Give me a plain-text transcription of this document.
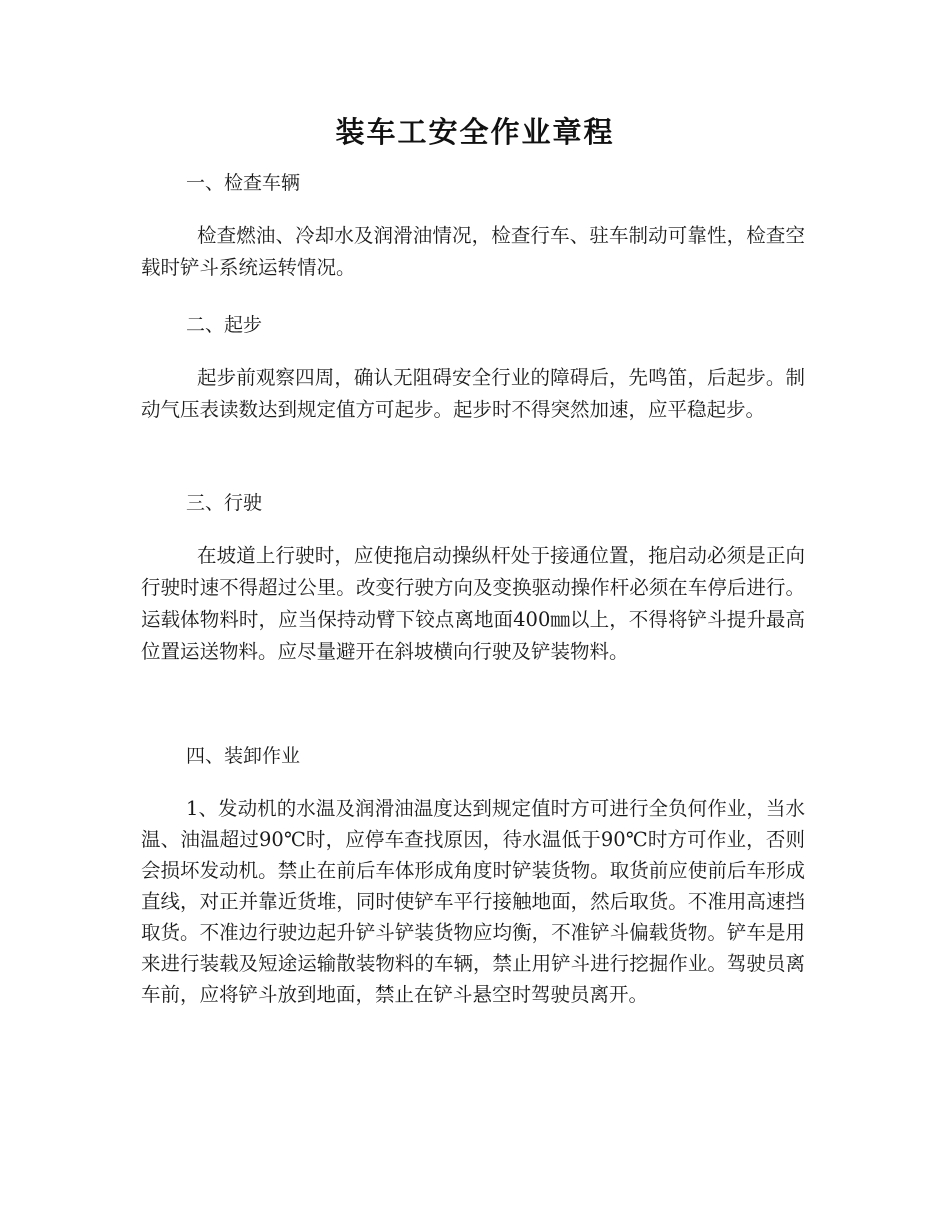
装车工安全作业章程
一、检查车辆
检查燃油、冷却水及润滑油情况，检查行车、驻车制动可靠性，检查空载时铲斗系统运转情况。
二、起步
起步前观察四周，确认无阻碍安全行业的障碍后，先鸣笛，后起步。制动气压表读数达到规定值方可起步。起步时不得突然加速，应平稳起步。
三、行驶
在坡道上行驶时，应使拖启动操纵杆处于接通位置，拖启动必须是正向行驶时速不得超过公里。改变行驶方向及变换驱动操作杆必须在车停后进行。运载体物料时，应当保持动臂下铰点离地面400㎜以上，不得将铲斗提升最高位置运送物料。应尽量避开在斜坡横向行驶及铲装物料。
四、装卸作业
1、发动机的水温及润滑油温度达到规定值时方可进行全负何作业，当水温、油温超过90℃时，应停车查找原因，待水温低于90℃时方可作业，否则会损坏发动机。禁止在前后车体形成角度时铲装货物。取货前应使前后车形成直线，对正并靠近货堆，同时使铲车平行接触地面，然后取货。不准用高速挡取货。不准边行驶边起升铲斗铲装货物应均衡，不准铲斗偏载货物。铲车是用来进行装载及短途运输散装物料的车辆，禁止用铲斗进行挖掘作业。驾驶员离车前，应将铲斗放到地面，禁止在铲斗悬空时驾驶员离开。
